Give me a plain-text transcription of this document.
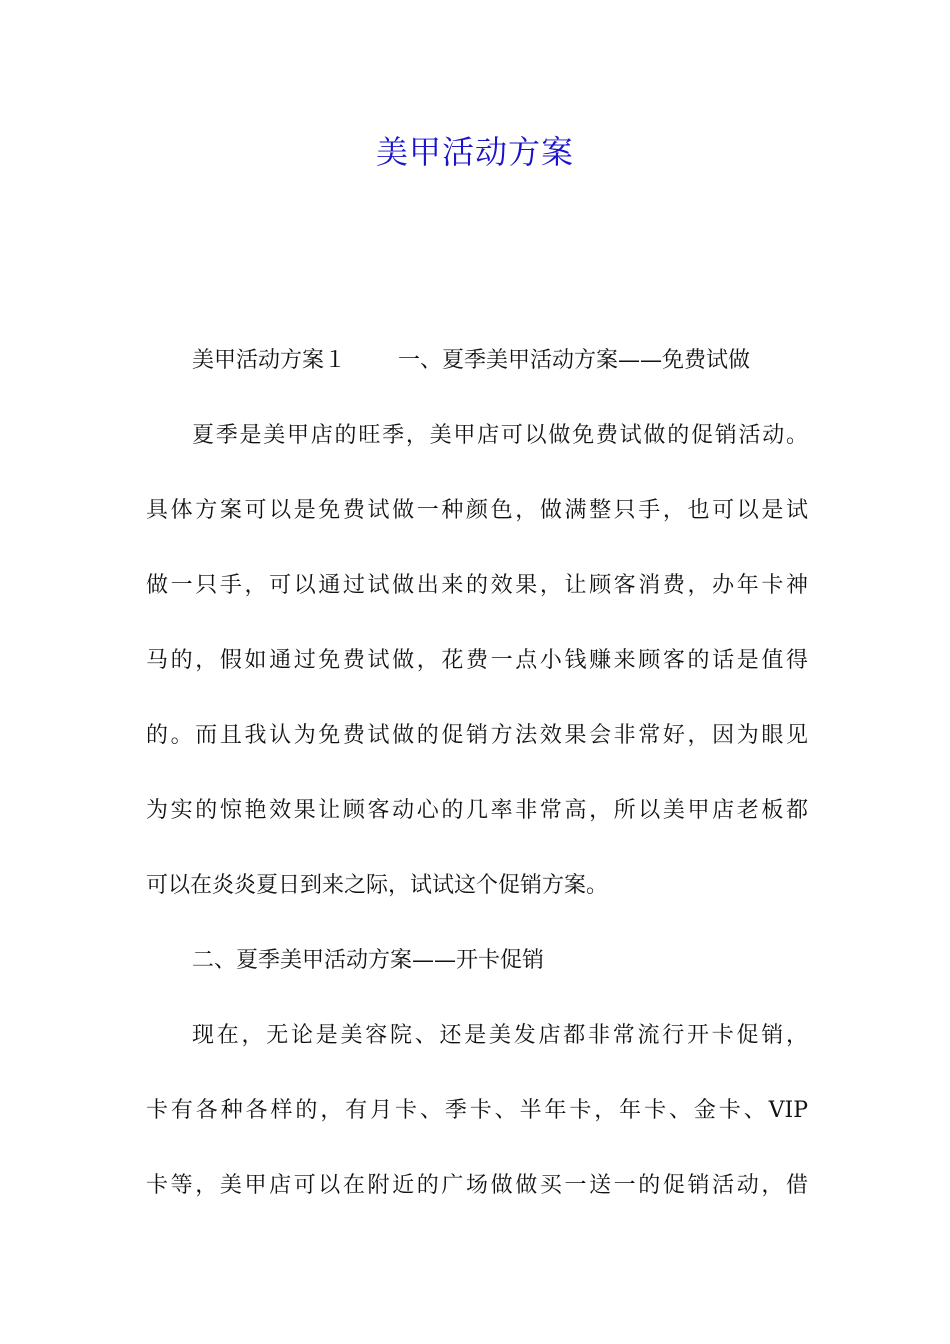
美甲活动方案
美甲活动方案１ 一、夏季美甲活动方案——免费试做
夏季是美甲店的旺季，美甲店可以做免费试做的促销活动。
具体方案可以是免费试做一种颜色，做满整只手，也可以是试
做一只手，可以通过试做出来的效果，让顾客消费，办年卡神
马的，假如通过免费试做，花费一点小钱赚来顾客的话是值得
的。而且我认为免费试做的促销方法效果会非常好，因为眼见
为实的惊艳效果让顾客动心的几率非常高，所以美甲店老板都
可以在炎炎夏日到来之际，试试这个促销方案。
二、夏季美甲活动方案——开卡促销
现在，无论是美容院、还是美发店都非常流行开卡促销，
卡有各种各样的，有月卡、季卡、半年卡，年卡、金卡、VIP
卡等，美甲店可以在附近的广场做做买一送一的促销活动，借
